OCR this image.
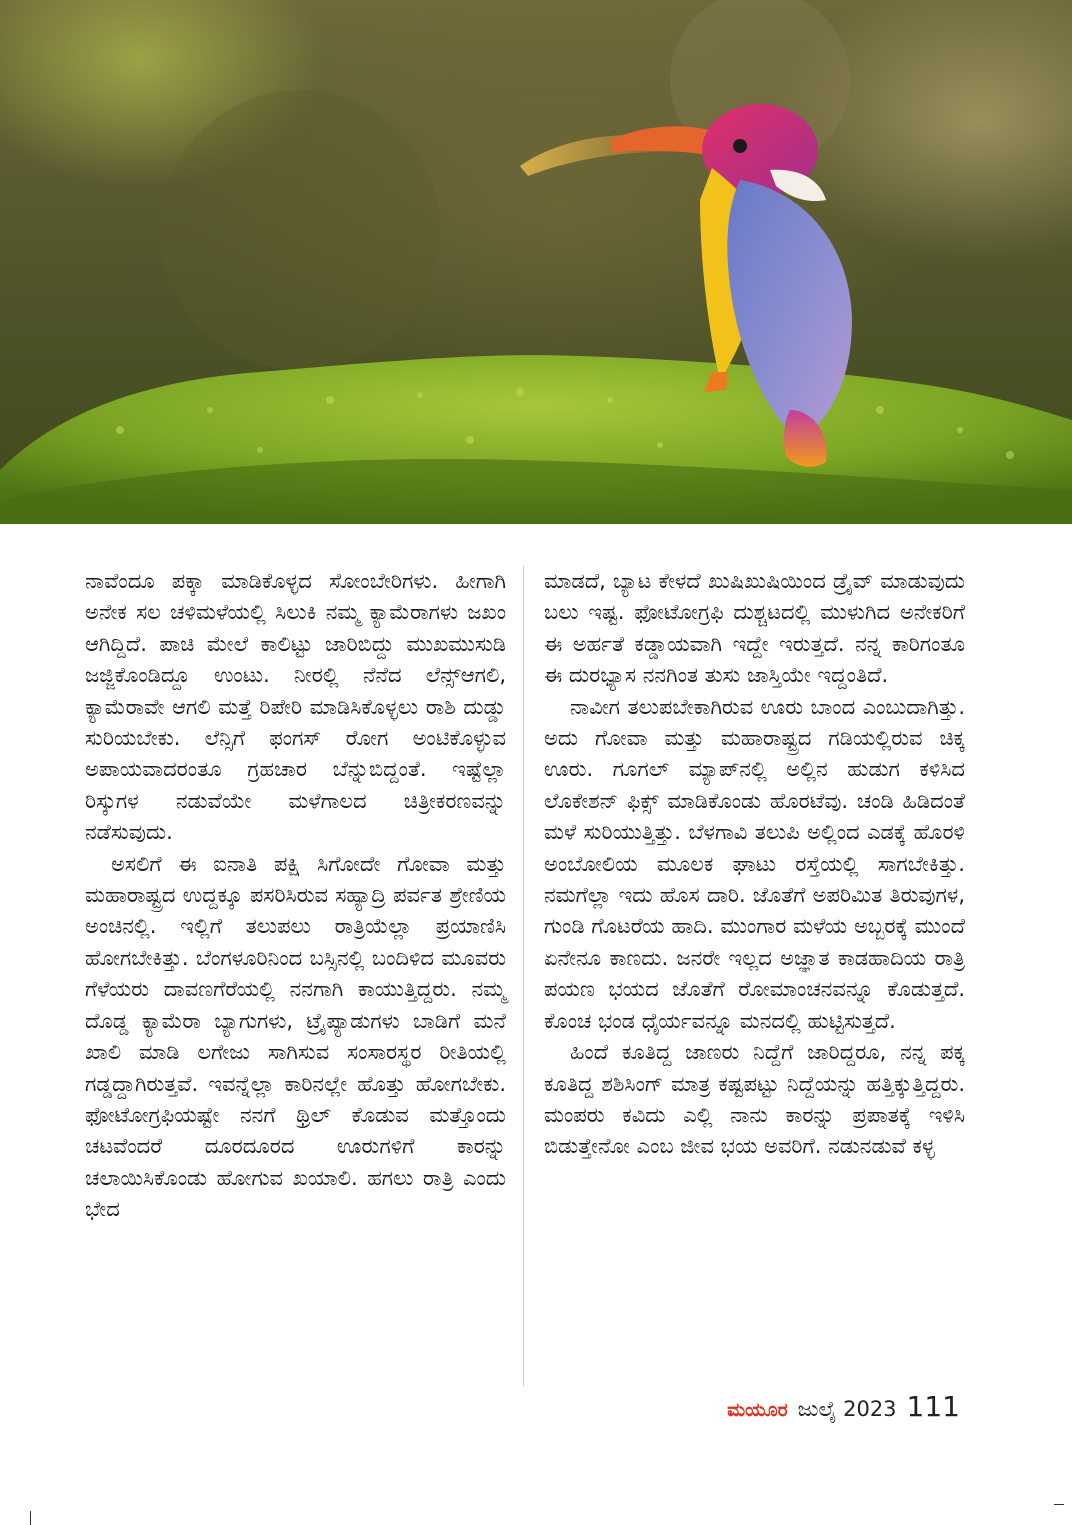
ನಾವೆಂದೂ ಪಕ್ಕಾ ಮಾಡಿಕೊಳ್ಳದ ಸೋಂಬೇರಿಗಳು. ಹೀಗಾಗಿ ಅನೇಕ ಸಲ ಚಳಿಮಳೆಯಲ್ಲಿ ಸಿಲುಕಿ ನಮ್ಮ ಕ್ಯಾಮೆರಾಗಳು ಜಖಂ ಆಗಿದ್ದಿದೆ. ಪಾಚಿ ಮೇಲೆ ಕಾಲಿಟ್ಟು ಜಾರಿಬಿದ್ದು ಮುಖಮುಸುಡಿ ಜಜ್ಜಿಕೊಂಡಿದ್ದೂ ಉಂಟು. ನೀರಲ್ಲಿ ನೆನೆದ ಲೆನ್ಸ್‌ಆಗಲಿ, ಕ್ಯಾಮೆರಾವೇ ಆಗಲಿ ಮತ್ತೆ ರಿಪೇರಿ ಮಾಡಿಸಿಕೊಳ್ಳಲು ರಾಶಿ ದುಡ್ಡು ಸುರಿಯಬೇಕು. ಲೆನ್ಸಿಗೆ ಫಂಗಸ್ ರೋಗ ಅಂಟಿಕೊಳ್ಳುವ ಅಪಾಯವಾದರಂತೂ ಗ್ರಹಚಾರ ಬೆನ್ನುಬಿದ್ದಂತೆ. ಇಷ್ಟೆಲ್ಲಾ ರಿಸ್ಕುಗಳ ನಡುವೆಯೇ ಮಳೆಗಾಲದ ಚಿತ್ರೀಕರಣವನ್ನು ನಡೆಸುವುದು.

ಅಸಲಿಗೆ ಈ ಐನಾತಿ ಪಕ್ಷಿ ಸಿಗೋದೇ ಗೋವಾ ಮತ್ತು ಮಹಾರಾಷ್ಟ್ರದ ಉದ್ದಕ್ಕೂ ಪಸರಿಸಿರುವ ಸಹ್ಯಾದ್ರಿ ಪರ್ವತ ಶ್ರೇಣಿಯ ಅಂಚಿನಲ್ಲಿ. ಇಲ್ಲಿಗೆ ತಲುಪಲು ರಾತ್ರಿಯೆಲ್ಲಾ ಪ್ರಯಾಣಿಸಿ ಹೋಗಬೇಕಿತ್ತು. ಬೆಂಗಳೂರಿನಿಂದ ಬಸ್ಸಿನಲ್ಲಿ ಬಂದಿಳಿದ ಮೂವರು ಗೆಳೆಯರು ದಾವಣಗೆರೆಯಲ್ಲಿ ನನಗಾಗಿ ಕಾಯುತ್ತಿದ್ದರು. ನಮ್ಮ ದೊಡ್ಡ ಕ್ಯಾಮೆರಾ ಬ್ಯಾಗುಗಳು, ಟ್ರೈಪ್ಯಾಡುಗಳು ಬಾಡಿಗೆ ಮನೆ ಖಾಲಿ ಮಾಡಿ ಲಗೇಜು ಸಾಗಿಸುವ ಸಂಸಾರಸ್ಥರ ರೀತಿಯಲ್ಲಿ ಗಡ್ಡದ್ದಾಗಿರುತ್ತವೆ. ಇವನ್ನೆಲ್ಲಾ ಕಾರಿನಲ್ಲೇ ಹೊತ್ತು ಹೋಗಬೇಕು. ಫೋಟೋಗ್ರಫಿಯಷ್ಟೇ ನನಗೆ ಥ್ರಿಲ್ ಕೊಡುವ ಮತ್ತೊಂದು ಚಟವೆಂದರೆ ದೂರದೂರದ ಊರುಗಳಿಗೆ ಕಾರನ್ನು ಚಲಾಯಿಸಿಕೊಂಡು ಹೋಗುವ ಖಯಾಲಿ. ಹಗಲು ರಾತ್ರಿ ಎಂದು ಭೇದ

ಮಾಡದೆ, ಬ್ಯಾಟ ಕೇಳದೆ ಖುಷಿಖುಷಿಯಿಂದ ಡ್ರೈವ್ ಮಾಡುವುದು ಬಲು ಇಷ್ಟ. ಫೋಟೋಗ್ರಫಿ ದುಶ್ಚಟದಲ್ಲಿ ಮುಳುಗಿದ ಅನೇಕರಿಗೆ ಈ ಅರ್ಹತೆ ಕಡ್ಡಾಯವಾಗಿ ಇದ್ದೇ ಇರುತ್ತದೆ. ನನ್ನ ಕಾರಿಗಂತೂ ಈ ದುರಭ್ಯಾಸ ನನಗಿಂತ ತುಸು ಜಾಸ್ತಿಯೇ ಇದ್ದಂತಿದೆ.

ನಾವೀಗ ತಲುಪಬೇಕಾಗಿರುವ ಊರು ಬಾಂದ ಎಂಬುದಾಗಿತ್ತು. ಅದು ಗೋವಾ ಮತ್ತು ಮಹಾರಾಷ್ಟ್ರದ ಗಡಿಯಲ್ಲಿರುವ ಚಿಕ್ಕ ಊರು. ಗೂಗಲ್ ಮ್ಯಾಪ್‌ನಲ್ಲಿ ಅಲ್ಲಿನ ಹುಡುಗ ಕಳಿಸಿದ ಲೊಕೇಶನ್ ಫಿಕ್ಸ್ ಮಾಡಿಕೊಂಡು ಹೊರಟೆವು. ಚಂಡಿ ಹಿಡಿದಂತೆ ಮಳೆ ಸುರಿಯುತ್ತಿತ್ತು. ಬೆಳಗಾವಿ ತಲುಪಿ ಅಲ್ಲಿಂದ ಎಡಕ್ಕೆ ಹೊರಳಿ ಅಂಬೋಲಿಯ ಮೂಲಕ ಘಾಟು ರಸ್ತೆಯಲ್ಲಿ ಸಾಗಬೇಕಿತ್ತು. ನಮಗೆಲ್ಲಾ ಇದು ಹೊಸ ದಾರಿ. ಜೊತೆಗೆ ಅಪರಿಮಿತ ತಿರುವುಗಳ, ಗುಂಡಿ ಗೊಟರೆಯ ಹಾದಿ. ಮುಂಗಾರ ಮಳೆಯ ಅಬ್ಬರಕ್ಕೆ ಮುಂದೆ ಏನೇನೂ ಕಾಣದು. ಜನರೇ ಇಲ್ಲದ ಅಜ್ಞಾತ ಕಾಡಹಾದಿಯ ರಾತ್ರಿ ಪಯಣ ಭಯದ ಜೊತೆಗೆ ರೋಮಾಂಚನವನ್ನೂ ಕೊಡುತ್ತದೆ. ಕೊಂಚ ಭಂಡ ಧೈರ್ಯವನ್ನೂ ಮನದಲ್ಲಿ ಹುಟ್ಟಿಸುತ್ತದೆ.

ಹಿಂದೆ ಕೂತಿದ್ದ ಜಾಣರು ನಿದ್ದೆಗೆ ಜಾರಿದ್ದರೂ, ನನ್ನ ಪಕ್ಕ ಕೂತಿದ್ದ ಶಶಿಸಿಂಗ್ ಮಾತ್ರ ಕಷ್ಟಪಟ್ಟು ನಿದ್ದೆಯನ್ನು ಹತ್ತಿಕ್ಕುತ್ತಿದ್ದರು. ಮಂಪರು ಕವಿದು ಎಲ್ಲಿ ನಾನು ಕಾರನ್ನು ಪ್ರಪಾತಕ್ಕೆ ಇಳಿಸಿ ಬಿಡುತ್ತೇನೋ ಎಂಬ ಜೀವ ಭಯ ಅವರಿಗೆ. ನಡುನಡುವೆ ಕಳ್ಳ

ಮಯೂರ ಜುಲೈ 2023 111
